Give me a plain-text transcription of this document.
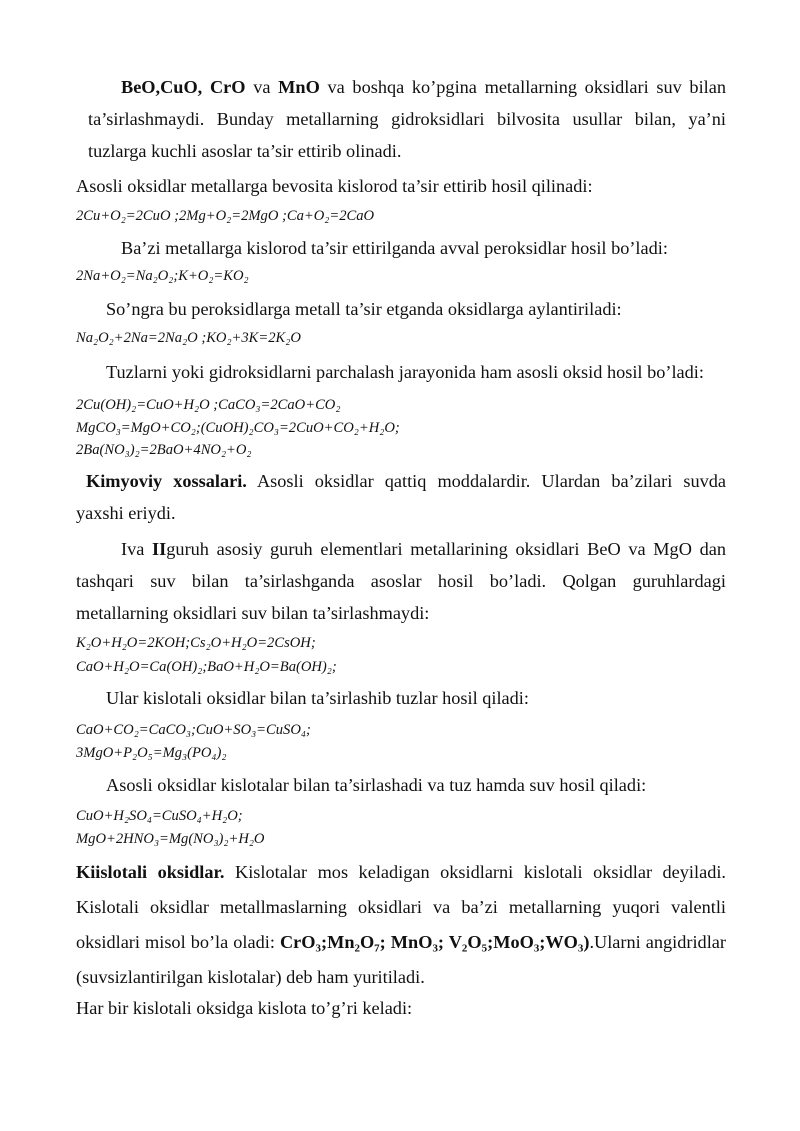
BeO,CuO, CrO va MnO va boshqa ko’pgina metallarning oksidlari suv bilan ta’sirlashmaydi. Bunday metallarning gidroksidlari bilvosita usullar bilan, ya’ni tuzlarga kuchli asoslar ta’sir ettirib olinadi.
Asosli oksidlar metallarga bevosita kislorod ta’sir ettirib hosil qilinadi:
2Cu+O₂=2CuO ;2Mg+O₂=2MgO ;Ca+O₂=2CaO
Ba’zi metallarga kislorod ta’sir ettirilganda avval peroksidlar hosil bo’ladi:
2Na+O₂=Na₂O₂;K+O₂=KO₂
So’ngra bu peroksidlarga metall ta’sir etganda oksidlarga aylantiriladi:
Na₂O₂+2Na=2Na₂O ;KO₂+3K=2K₂O
Tuzlarni yoki gidroksidlarni parchalash jarayonida ham asosli oksid hosil bo’ladi:
2Cu(OH)₂=CuO+H₂O ;CaCO₃=2CaO+CO₂
MgCO₃=MgO+CO₂;(CuOH)₂CO₃=2CuO+CO₂+H₂O;
2Ba(NO₃)₂=2BaO+4NO₂+O₂
Kimyoviy xossalari. Asosli oksidlar qattiq moddalardir. Ulardan ba’zilari suvda yaxshi eriydi.
Iva IIguruh asosiy guruh elementlari metallarining oksidlari BeO va MgO dan tashqari suv bilan ta’sirlashganda asoslar hosil bo’ladi. Qolgan guruhlardagi metallarning oksidlari suv bilan ta’sirlashmaydi:
K₂O+H₂O=2KOH;Cs₂O+H₂O=2CsOH;
CaO+H₂O=Ca(OH)₂;BaO+H₂O=Ba(OH)₂;
Ular kislotali oksidlar bilan ta’sirlashib tuzlar hosil qiladi:
CaO+CO₂=CaCO₃;CuO+SO₃=CuSO₄;
3MgO+P₂O₅=Mg₃(PO₄)₂
Asosli oksidlar kislotalar bilan ta’sirlashadi va tuz hamda suv hosil qiladi:
CuO+H₂SO₄=CuSO₄+H₂O;
MgO+2HNO₃=Mg(NO₃)₂+H₂O
Kiislotali oksidlar. Kislotalar mos keladigan oksidlarni kislotali oksidlar deyiladi. Kislotali oksidlar metallmaslarning oksidlari va ba’zi metallarning yuqori valentli oksidlari misol bo’la oladi: CrO₃;Mn₂O₇; MnO₃; V₂O₅;MoO₃;WO₃).Ularni angidridlar (suvsizlantirilgan kislotalar) deb ham yuritiladi.
Har bir kislotali oksidga kislota to’g’ri keladi:
